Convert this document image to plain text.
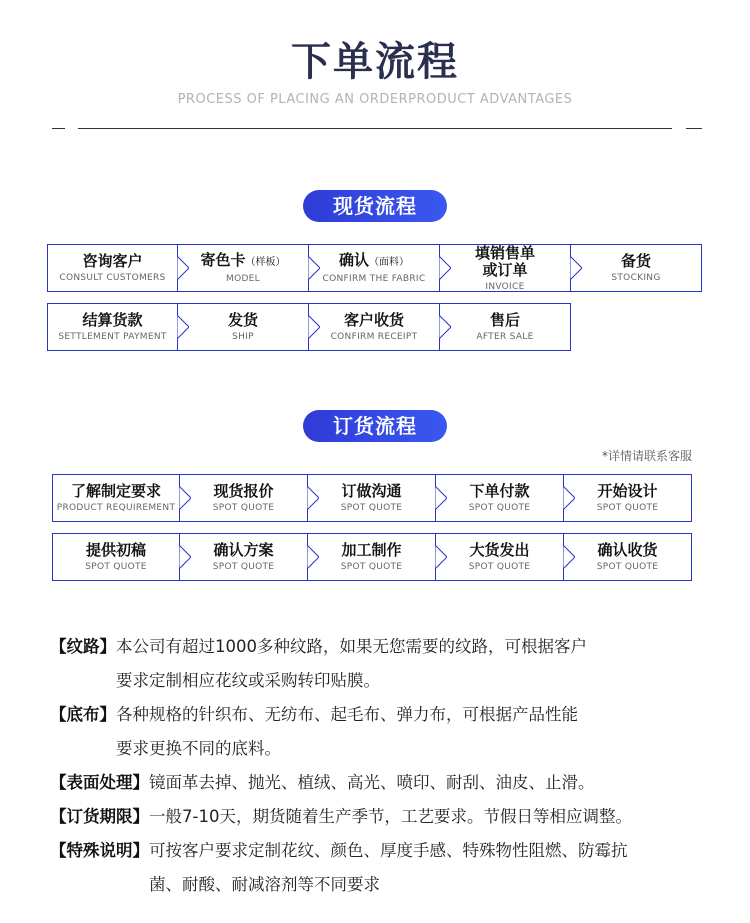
下单流程
PROCESS OF PLACING AN ORDERPRODUCT ADVANTAGES
现货流程
咨询客户
CONSULT CUSTOMERS
寄色卡（样板）
MODEL
确认（面料）
CONFIRM THE FABRIC
填销售单
或订单
INVOICE
备货
STOCKING
结算货款
SETTLEMENT PAYMENT
发货
SHIP
客户收货
CONFIRM RECEIPT
售后
AFTER SALE
订货流程
*详情请联系客服
了解制定要求
PRODUCT REQUIREMENT
现货报价
SPOT QUOTE
订做沟通
SPOT QUOTE
下单付款
SPOT QUOTE
开始设计
SPOT QUOTE
提供初稿
SPOT QUOTE
确认方案
SPOT QUOTE
加工制作
SPOT QUOTE
大货发出
SPOT QUOTE
确认收货
SPOT QUOTE
【纹路】本公司有超过1000多种纹路，如果无您需要的纹路，可根据客户
要求定制相应花纹或采购转印贴膜。
【底布】各种规格的针织布、无纺布、起毛布、弹力布，可根据产品性能
要求更换不同的底料。
【表面处理】镜面革去掉、抛光、植绒、高光、喷印、耐刮、油皮、止滑。
【订货期限】一般7-10天，期货随着生产季节，工艺要求。节假日等相应调整。
【特殊说明】可按客户要求定制花纹、颜色、厚度手感、特殊物性阻燃、防霉抗
菌、耐酸、耐减溶剂等不同要求
